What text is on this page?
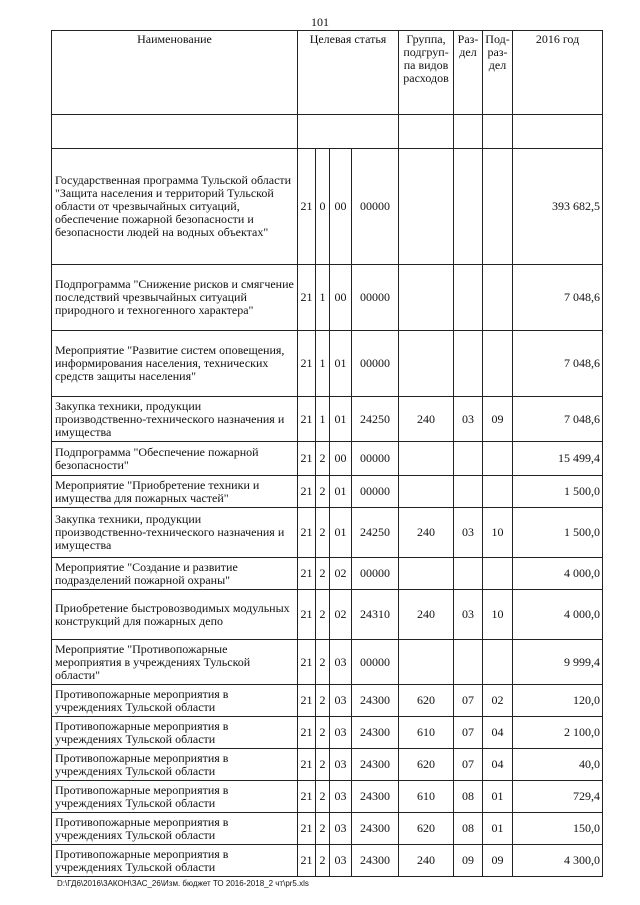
101
Наименование	Целевая статья				Группа, подгруп-па видов расходов	Раз-дел	Под-раз-дел	2016 год

Государственная программа Тульской области "Защита населения и территорий Тульской области от чрезвычайных ситуаций, обеспечение пожарной безопасности и безопасности людей на водных объектах"	21	0	00	00000				393 682,5
Подпрограмма "Снижение рисков и смягчение последствий чрезвычайных ситуаций природного и техногенного характера"	21	1	00	00000				7 048,6
Мероприятие "Развитие систем оповещения, информирования населения, технических средств защиты населения"	21	1	01	00000				7 048,6
Закупка техники, продукции производственно-технического назначения и имущества	21	1	01	24250	240	03	09	7 048,6
Подпрограмма "Обеспечение пожарной безопасности"	21	2	00	00000				15 499,4
Мероприятие "Приобретение техники и имущества для пожарных частей"	21	2	01	00000				1 500,0
Закупка техники, продукции производственно-технического назначения и имущества	21	2	01	24250	240	03	10	1 500,0
Мероприятие "Создание и развитие подразделений пожарной охраны"	21	2	02	00000				4 000,0
Приобретение быстровозводимых модульных конструкций для пожарных депо	21	2	02	24310	240	03	10	4 000,0
Мероприятие "Противопожарные мероприятия в учреждениях Тульской области"	21	2	03	00000				9 999,4
Противопожарные мероприятия в учреждениях Тульской области	21	2	03	24300	620	07	02	120,0
Противопожарные мероприятия в учреждениях Тульской области	21	2	03	24300	610	07	04	2 100,0
Противопожарные мероприятия в учреждениях Тульской области	21	2	03	24300	620	07	04	40,0
Противопожарные мероприятия в учреждениях Тульской области	21	2	03	24300	610	08	01	729,4
Противопожарные мероприятия в учреждениях Тульской области	21	2	03	24300	620	08	01	150,0
Противопожарные мероприятия в учреждениях Тульской области	21	2	03	24300	240	09	09	4 300,0
D:\ГД6\2016\3АКОН\ЗАС_26\Изм. бюджет ТО 2016-2018_2 чт\pr5.xls
